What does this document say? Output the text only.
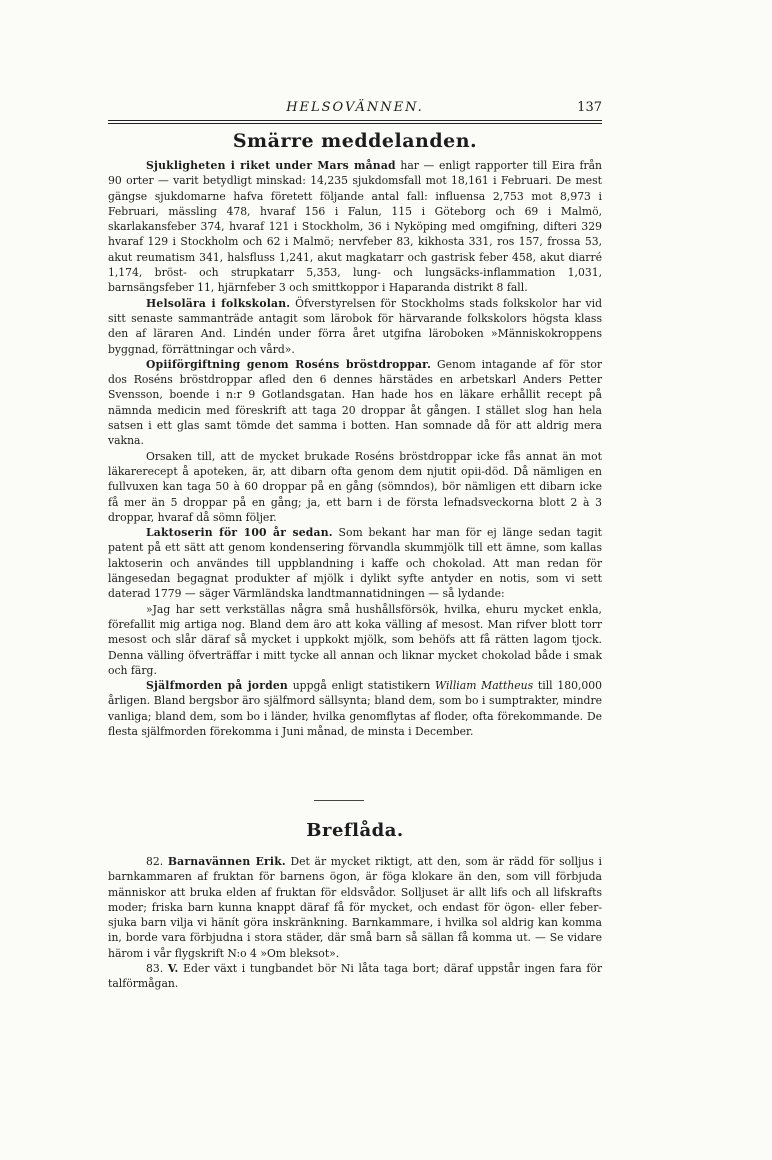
HELSOVÄNNEN.	137
Smärre meddelanden.

Sjukligheten i riket under Mars månad har — enligt rapporter till Eira från 90 orter — varit betydligt minskad: 14,235 sjukdomsfall mot 18,161 i Februari. De mest gängse sjukdomarne hafva företett följande antal fall: influensa 2,753 mot 8,973 i Februari, mässling 478, hvaraf 156 i Falun, 115 i Göteborg och 69 i Malmö, skarlakansfeber 374, hvaraf 121 i Stockholm, 36 i Nyköping med omgifning, difteri 329 hvaraf 129 i Stockholm och 62 i Malmö; nervfeber 83, kikhosta 331, ros 157, frossa 53, akut reumatism 341, halsfluss 1,241, akut magkatarr och gastrisk feber 458, akut diarré 1,174, bröst- och strupkatarr 5,353, lung- och lungsäcks-inflammation 1,031, barnsängsfeber 11, hjärnfeber 3 och smittkoppor i Haparanda distrikt 8 fall.

Helsolära i folkskolan. Öfverstyrelsen för Stockholms stads folkskolor har vid sitt senaste sammanträde antagit som lärobok för härvarande folkskolors högsta klass den af läraren And. Lindén under förra året utgifna läroboken »Människokroppens byggnad, förrättningar och vård».

Opiiförgiftning genom Roséns bröstdroppar. Genom intagande af för stor dos Roséns bröstdroppar afled den 6 dennes härstädes en arbetskarl Anders Petter Svensson, boende i n:r 9 Gotlandsgatan. Han hade hos en läkare erhållit recept på nämnda medicin med föreskrift att taga 20 droppar åt gången. I stället slog han hela satsen i ett glas samt tömde det samma i botten. Han somnade då för att aldrig mera vakna.

Orsaken till, att de mycket brukade Roséns bröstdroppar icke fås annat än mot läkarerecept å apoteken, är, att dibarn ofta genom dem njutit opii-död. Då nämligen en fullvuxen kan taga 50 à 60 droppar på en gång (sömndos), bör nämligen ett dibarn icke få mer än 5 droppar på en gång; ja, ett barn i de första lefnadsveckorna blott 2 à 3 droppar, hvaraf då sömn följer.

Laktoserin för 100 år sedan. Som bekant har man för ej länge sedan tagit patent på ett sätt att genom kondensering förvandla skummjölk till ett ämne, som kallas laktoserin och användes till uppblandning i kaffe och chokolad. Att man redan för längesedan begagnat produkter af mjölk i dylikt syfte antyder en notis, som vi sett daterad 1779 — säger Värmländska landtmannatidningen — så lydande:

»Jag har sett verkställas några små hushållsförsök, hvilka, ehuru mycket enkla, förefallit mig artiga nog. Bland dem äro att koka välling af mesost. Man rifver blott torr mesost och slår däraf så mycket i uppkokt mjölk, som behöfs att få rätten lagom tjock. Denna välling öfverträffar i mitt tycke all annan och liknar mycket chokolad både i smak och färg.

Själfmorden på jorden uppgå enligt statistikern William Mattheus till 180,000 årligen. Bland bergsbor äro själfmord sällsynta; bland dem, som bo i sumptrakter, mindre vanliga; bland dem, som bo i länder, hvilka genomflytas af floder, ofta förekommande. De flesta själfmorden förekomma i Juni månad, de minsta i December.

Breflåda.

82. Barnavännen Erik. Det är mycket riktigt, att den, som är rädd för solljus i barnkammaren af fruktan för barnens ögon, är föga klokare än den, som vill förbjuda människor att bruka elden af fruktan för eldsvådor. Solljuset är allt lifs och all lifskrafts moder; friska barn kunna knappt däraf få för mycket, och endast för ögon- eller feber-sjuka barn vilja vi hänít göra inskränkning. Barnkammare, i hvilka sol aldrig kan komma in, borde vara förbjudna i stora städer, där små barn så sällan få komma ut. — Se vidare härom i vår flygskrift N:o 4 »Om bleksot».

83. V. Eder växt i tungbandet bör Ni låta taga bort; däraf uppstår ingen fara för talförmågan.
